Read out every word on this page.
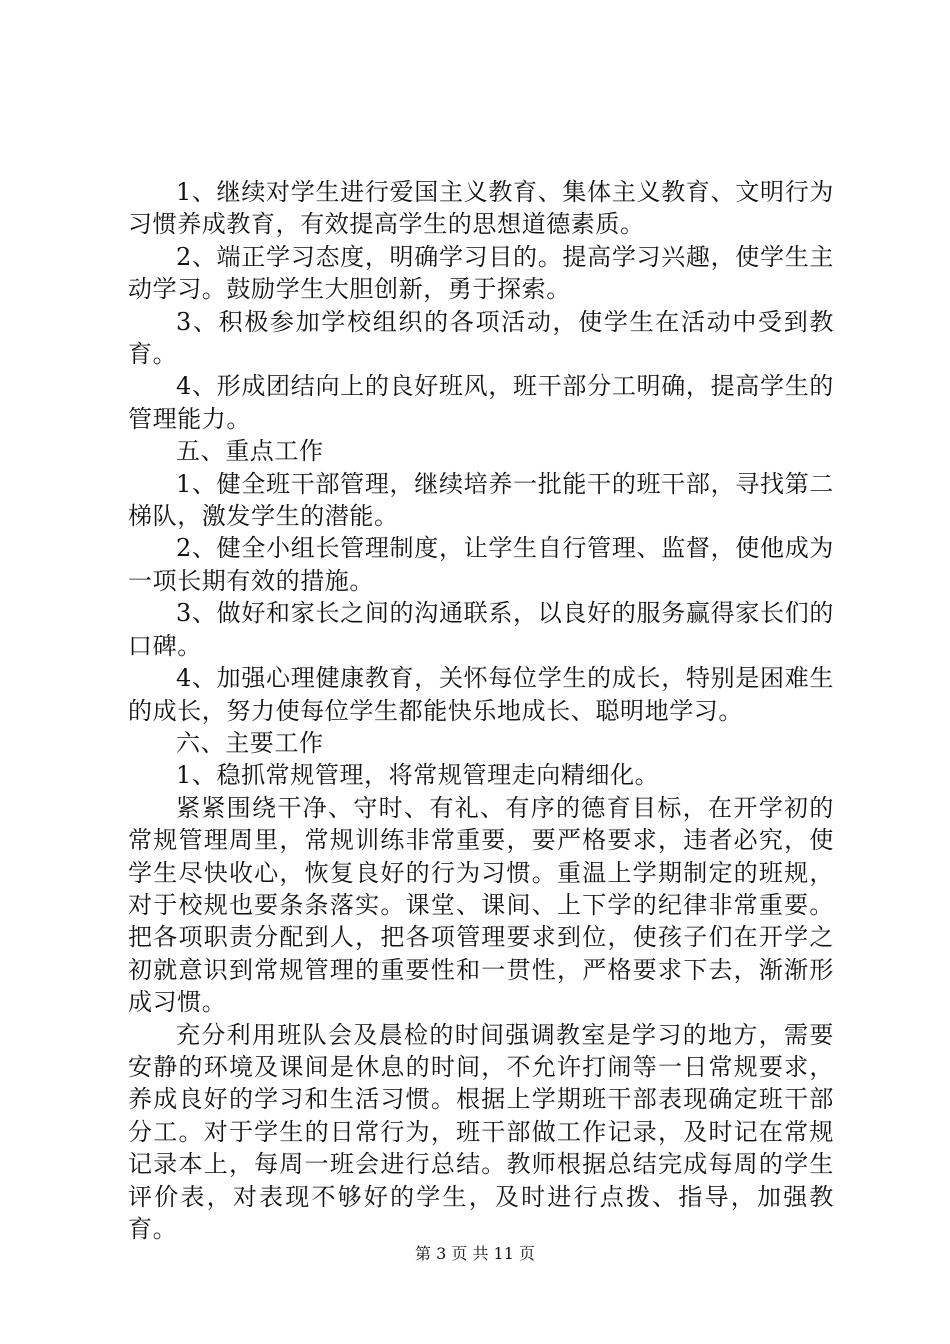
1、继续对学生进行爱国主义教育、集体主义教育、文明行为习惯养成教育，有效提高学生的思想道德素质。

2、端正学习态度，明确学习目的。提高学习兴趣，使学生主动学习。鼓励学生大胆创新，勇于探索。

3、积极参加学校组织的各项活动，使学生在活动中受到教育。

4、形成团结向上的良好班风，班干部分工明确，提高学生的管理能力。

五、重点工作

1、健全班干部管理，继续培养一批能干的班干部，寻找第二梯队，激发学生的潜能。

2、健全小组长管理制度，让学生自行管理、监督，使他成为一项长期有效的措施。

3、做好和家长之间的沟通联系，以良好的服务赢得家长们的口碑。

4、加强心理健康教育，关怀每位学生的成长，特别是困难生的成长，努力使每位学生都能快乐地成长、聪明地学习。

六、主要工作

1、稳抓常规管理，将常规管理走向精细化。

紧紧围绕干净、守时、有礼、有序的德育目标，在开学初的常规管理周里，常规训练非常重要，要严格要求，违者必究，使学生尽快收心，恢复良好的行为习惯。重温上学期制定的班规，对于校规也要条条落实。课堂、课间、上下学的纪律非常重要。把各项职责分配到人，把各项管理要求到位，使孩子们在开学之初就意识到常规管理的重要性和一贯性，严格要求下去，渐渐形成习惯。

充分利用班队会及晨检的时间强调教室是学习的地方，需要安静的环境及课间是休息的时间，不允许打闹等一日常规要求，养成良好的学习和生活习惯。根据上学期班干部表现确定班干部分工。对于学生的日常行为，班干部做工作记录，及时记在常规记录本上，每周一班会进行总结。教师根据总结完成每周的学生评价表，对表现不够好的学生，及时进行点拨、指导，加强教育。

第 3 页 共 11 页
